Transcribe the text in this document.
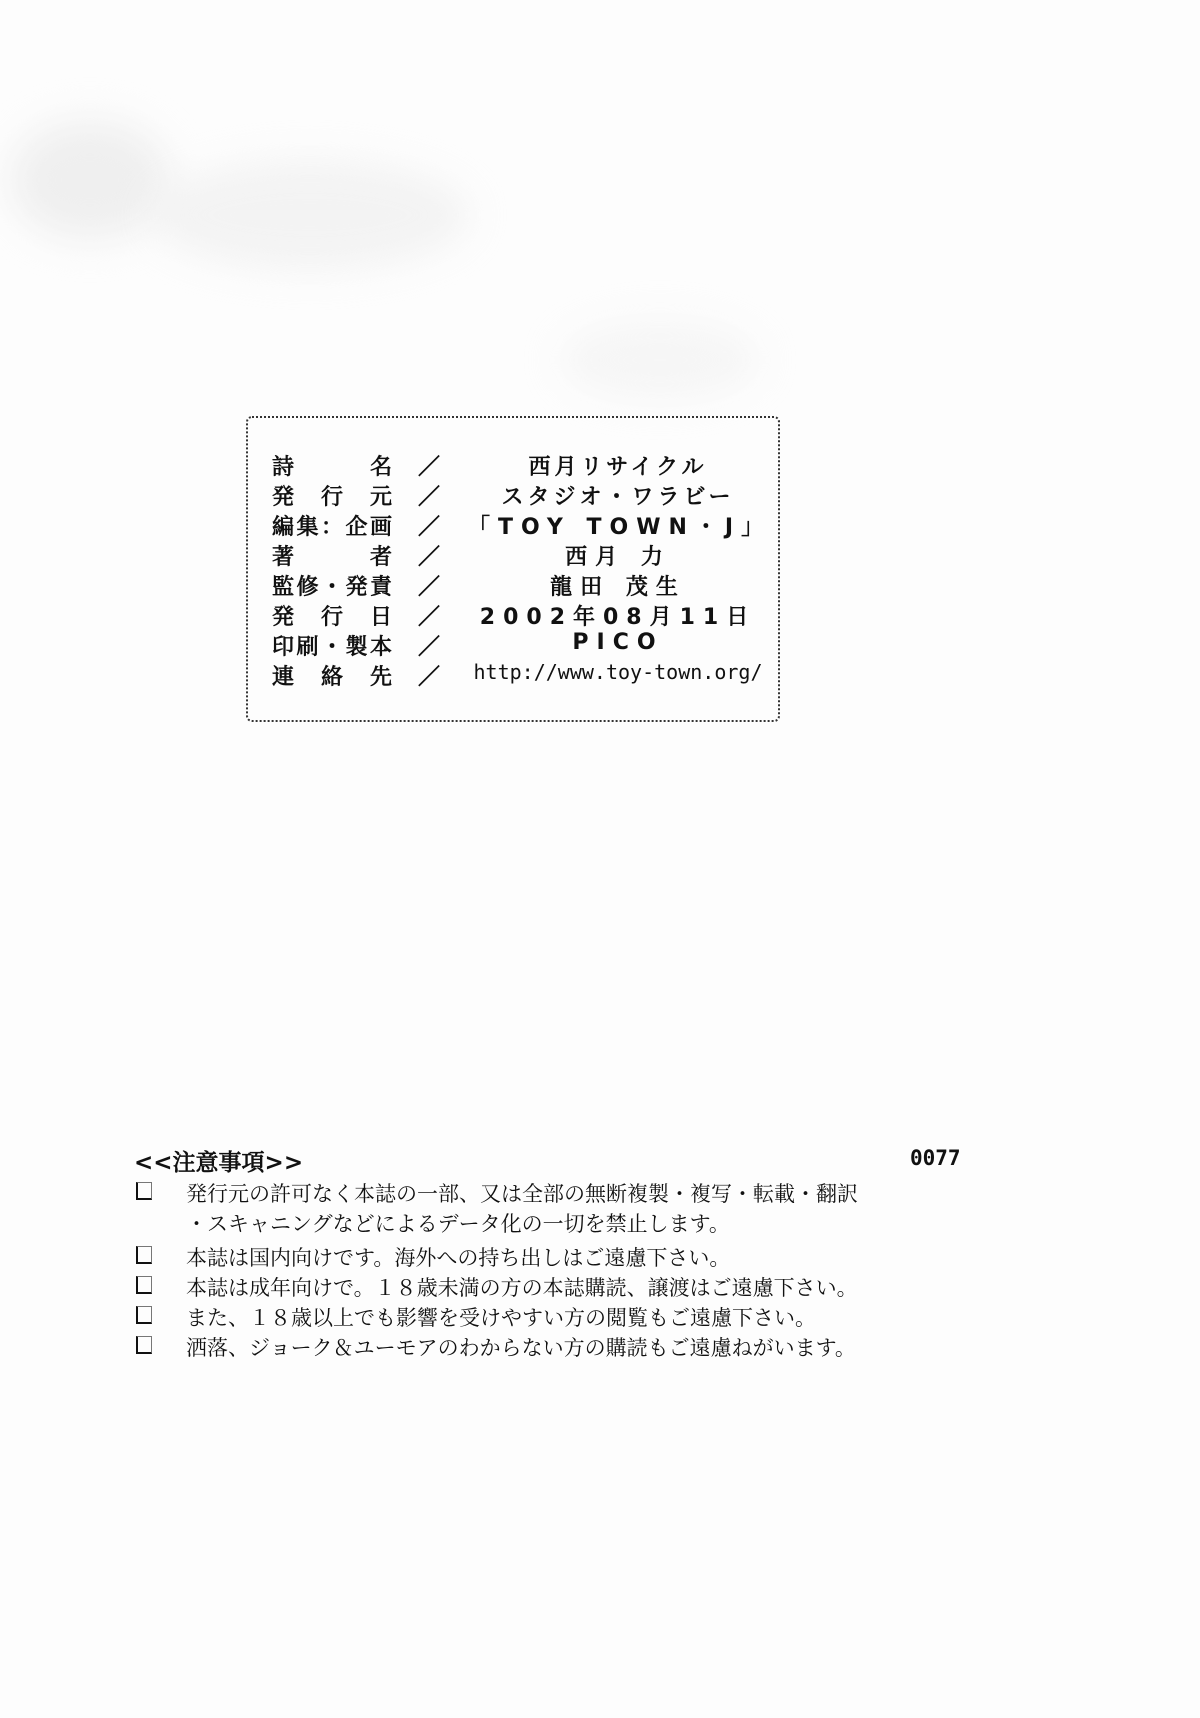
詩名 ／	西月リサイクル
発行元 ／	スタジオ・ワラビー
編集：企画 ／ 「TOY TOWN・J」
著者 ／	西月 力
監修・発責 ／	龍田 茂生
発行日 ／	2002年08月11日
印刷・製本 ／	PICO
連絡先 ／ http://www.toy-town.org/
<<注意事項>>	0077
発行元の許可なく本誌の一部、又は全部の無断複製・複写・転載・翻訳
・スキャニングなどによるデータ化の一切を禁止します。
本誌は国内向けです。海外への持ち出しはご遠慮下さい。
本誌は成年向けで。１８歳未満の方の本誌購読、譲渡はご遠慮下さい。
また、１８歳以上でも影響を受けやすい方の閲覧もご遠慮下さい。
洒落、ジョーク＆ユーモアのわからない方の購読もご遠慮ねがいます。
